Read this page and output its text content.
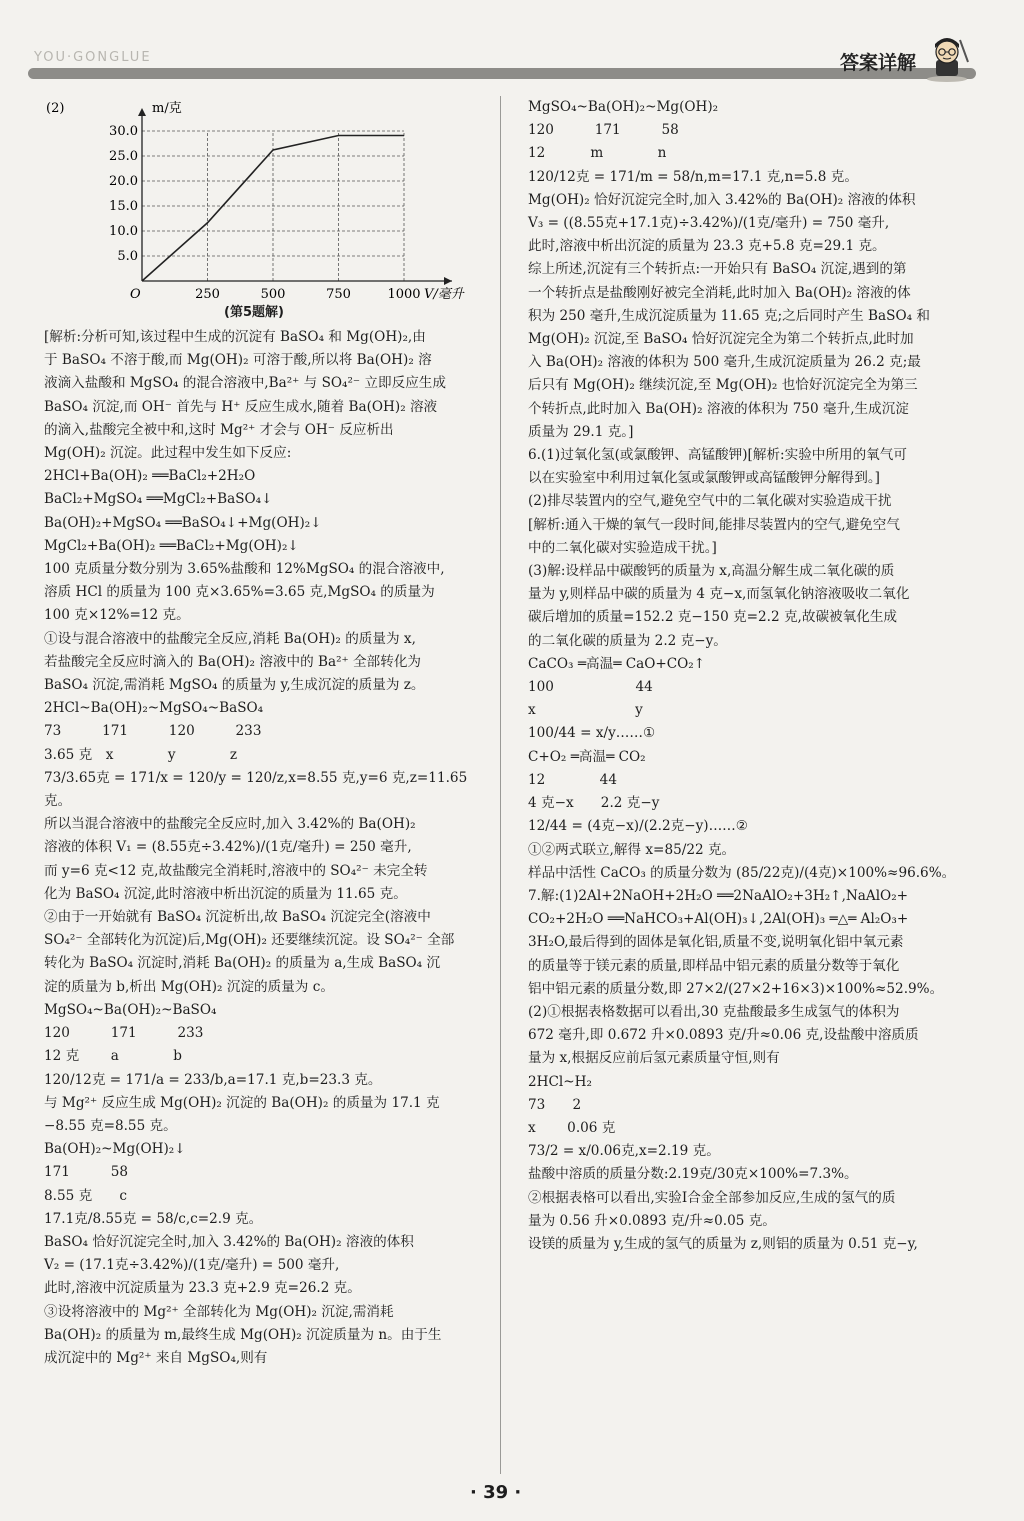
YOU·GONGLUE	答案详解
(2)
5.0
10.0
15.0
20.0
25.0
30.0
250	500	750	1000
m/克
V/毫升
O
(第5题解)

[解析:分析可知,该过程中生成的沉淀有 BaSO₄ 和 Mg(OH)₂,由

于 BaSO₄ 不溶于酸,而 Mg(OH)₂ 可溶于酸,所以将 Ba(OH)₂ 溶

液滴入盐酸和 MgSO₄ 的混合溶液中,Ba²⁺ 与 SO₄²⁻ 立即反应生成

BaSO₄ 沉淀,而 OH⁻ 首先与 H⁺ 反应生成水,随着 Ba(OH)₂ 溶液

的滴入,盐酸完全被中和,这时 Mg²⁺ 才会与 OH⁻ 反应析出

Mg(OH)₂ 沉淀。此过程中发生如下反应:

2HCl+Ba(OH)₂ ══BaCl₂+2H₂O

BaCl₂+MgSO₄ ══MgCl₂+BaSO₄↓

Ba(OH)₂+MgSO₄ ══BaSO₄↓+Mg(OH)₂↓

MgCl₂+Ba(OH)₂ ══BaCl₂+Mg(OH)₂↓

100 克质量分数分别为 3.65%盐酸和 12%MgSO₄ 的混合溶液中,

溶质 HCl 的质量为 100 克×3.65%=3.65 克,MgSO₄ 的质量为

100 克×12%=12 克。

①设与混合溶液中的盐酸完全反应,消耗 Ba(OH)₂ 的质量为 x,

若盐酸完全反应时滴入的 Ba(OH)₂ 溶液中的 Ba²⁺ 全部转化为

BaSO₄ 沉淀,需消耗 MgSO₄ 的质量为 y,生成沉淀的质量为 z。

2HCl~Ba(OH)₂~MgSO₄~BaSO₄

73　　　171　　　120　　　233

3.65 克　x　　　　y　　　　z

73/3.65克 = 171/x = 120/y = 120/z,x=8.55 克,y=6 克,z=11.65 克。

所以当混合溶液中的盐酸完全反应时,加入 3.42%的 Ba(OH)₂

溶液的体积 V₁ = (8.55克÷3.42%)/(1克/毫升) = 250 毫升,

而 y=6 克<12 克,故盐酸完全消耗时,溶液中的 SO₄²⁻ 未完全转

化为 BaSO₄ 沉淀,此时溶液中析出沉淀的质量为 11.65 克。

②由于一开始就有 BaSO₄ 沉淀析出,故 BaSO₄ 沉淀完全(溶液中

SO₄²⁻ 全部转化为沉淀)后,Mg(OH)₂ 还要继续沉淀。设 SO₄²⁻ 全部

转化为 BaSO₄ 沉淀时,消耗 Ba(OH)₂ 的质量为 a,生成 BaSO₄ 沉

淀的质量为 b,析出 Mg(OH)₂ 沉淀的质量为 c。

MgSO₄~Ba(OH)₂~BaSO₄

120　　　171　　　233

12 克　　 a　　　　b

120/12克 = 171/a = 233/b,a=17.1 克,b=23.3 克。

与 Mg²⁺ 反应生成 Mg(OH)₂ 沉淀的 Ba(OH)₂ 的质量为 17.1 克

−8.55 克=8.55 克。

Ba(OH)₂~Mg(OH)₂↓

171　　　58

8.55 克　　c

17.1克/8.55克 = 58/c,c=2.9 克。

BaSO₄ 恰好沉淀完全时,加入 3.42%的 Ba(OH)₂ 溶液的体积

V₂ = (17.1克÷3.42%)/(1克/毫升) = 500 毫升,

此时,溶液中沉淀质量为 23.3 克+2.9 克=26.2 克。

③设将溶液中的 Mg²⁺ 全部转化为 Mg(OH)₂ 沉淀,需消耗

Ba(OH)₂ 的质量为 m,最终生成 Mg(OH)₂ 沉淀质量为 n。由于生

成沉淀中的 Mg²⁺ 来自 MgSO₄,则有

MgSO₄~Ba(OH)₂~Mg(OH)₂

120　　　171　　　58

12　　　 m　　　　n

120/12克 = 171/m = 58/n,m=17.1 克,n=5.8 克。

Mg(OH)₂ 恰好沉淀完全时,加入 3.42%的 Ba(OH)₂ 溶液的体积

V₃ = ((8.55克+17.1克)÷3.42%)/(1克/毫升) = 750 毫升,

此时,溶液中析出沉淀的质量为 23.3 克+5.8 克=29.1 克。

综上所述,沉淀有三个转折点:一开始只有 BaSO₄ 沉淀,遇到的第

一个转折点是盐酸刚好被完全消耗,此时加入 Ba(OH)₂ 溶液的体

积为 250 毫升,生成沉淀质量为 11.65 克;之后同时产生 BaSO₄ 和

Mg(OH)₂ 沉淀,至 BaSO₄ 恰好沉淀完全为第二个转折点,此时加

入 Ba(OH)₂ 溶液的体积为 500 毫升,生成沉淀质量为 26.2 克;最

后只有 Mg(OH)₂ 继续沉淀,至 Mg(OH)₂ 也恰好沉淀完全为第三

个转折点,此时加入 Ba(OH)₂ 溶液的体积为 750 毫升,生成沉淀

质量为 29.1 克。]

6.(1)过氧化氢(或氯酸钾、高锰酸钾)[解析:实验中所用的氧气可

以在实验室中利用过氧化氢或氯酸钾或高锰酸钾分解得到。]

(2)排尽装置内的空气,避免空气中的二氧化碳对实验造成干扰

[解析:通入干燥的氧气一段时间,能排尽装置内的空气,避免空气

中的二氧化碳对实验造成干扰。]

(3)解:设样品中碳酸钙的质量为 x,高温分解生成二氧化碳的质

量为 y,则样品中碳的质量为 4 克−x,而氢氧化钠溶液吸收二氧化

碳后增加的质量=152.2 克−150 克=2.2 克,故碳被氧化生成

的二氧化碳的质量为 2.2 克−y。

CaCO₃ ═高温═ CaO+CO₂↑

100　　　　　　44

x　　　　　　　 y

100/44 = x/y……①

C+O₂ ═高温═ CO₂

12　　　　44

4 克−x　　2.2 克−y

12/44 = (4克−x)/(2.2克−y)……②

①②两式联立,解得 x=85/22 克。

样品中活性 CaCO₃ 的质量分数为 (85/22克)/(4克)×100%≈96.6%。

7.解:(1)2Al+2NaOH+2H₂O ══2NaAlO₂+3H₂↑,NaAlO₂+

CO₂+2H₂O ══NaHCO₃+Al(OH)₃↓,2Al(OH)₃ ═△═ Al₂O₃+

3H₂O,最后得到的固体是氧化铝,质量不变,说明氧化铝中氧元素

的质量等于镁元素的质量,即样品中铝元素的质量分数等于氧化

铝中铝元素的质量分数,即 27×2/(27×2+16×3)×100%≈52.9%。

(2)①根据表格数据可以看出,30 克盐酸最多生成氢气的体积为

672 毫升,即 0.672 升×0.0893 克/升≈0.06 克,设盐酸中溶质质

量为 x,根据反应前后氢元素质量守恒,则有

2HCl~H₂

73　　2

x　　 0.06 克

73/2 = x/0.06克,x=2.19 克。

盐酸中溶质的质量分数:2.19克/30克×100%=7.3%。

②根据表格可以看出,实验Ⅰ合金全部参加反应,生成的氢气的质

量为 0.56 升×0.0893 克/升≈0.05 克。

设镁的质量为 y,生成的氢气的质量为 z,则铝的质量为 0.51 克−y,

· 39 ·
